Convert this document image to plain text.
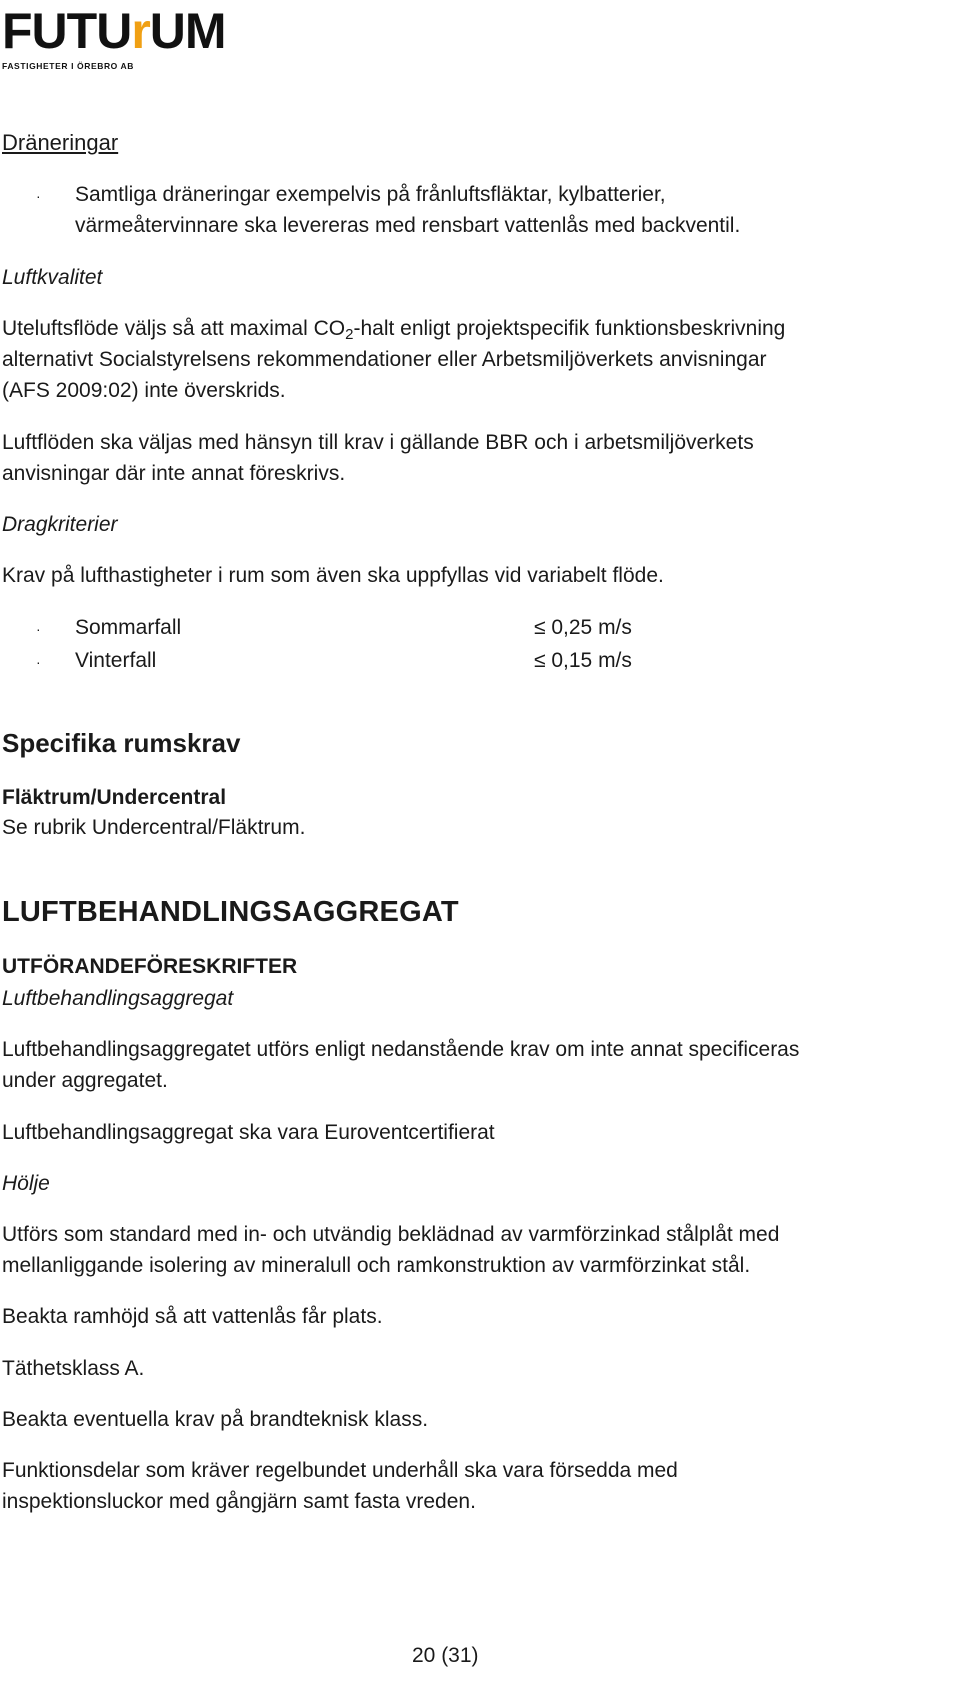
FUTU r UM
FASTIGHETER I ÖREBRO AB
Dräneringar
· Samtliga dräneringar exempelvis på frånluftsfläktar, kylbatterier,
värmeåtervinnare ska levereras med rensbart vattenlås med backventil.
Luftkvalitet
Uteluftsflöde väljs så att maximal $CO_2$-halt enligt projektspecifik funktionsbeskrivning
alternativt Socialstyrelsens rekommendationer eller Arbetsmiljöverkets anvisningar
(AFS 2009:02) inte överskrids.
Luftflöden ska väljas med hänsyn till krav i gällande BBR och i arbetsmiljöverkets
anvisningar där inte annat föreskrivs.
Dragkriterier
Krav på lufthastigheter i rum som även ska uppfyllas vid variabelt flöde.
· Sommarfall	≤ 0,25 m/s
· Vinterfall	≤ 0,15 m/s
Specifika rumskrav
Fläktrum/Undercentral
Se rubrik Undercentral/Fläktrum.
LUFTBEHANDLINGSAGGREGAT
UTFÖRANDEFÖRESKRIFTER
Luftbehandlingsaggregat
Luftbehandlingsaggregatet utförs enligt nedanstående krav om inte annat specificeras
under aggregatet.
Luftbehandlingsaggregat ska vara Euroventcertifierat
Hölje
Utförs som standard med in- och utvändig beklädnad av varmförzinkad stålplåt med
mellanliggande isolering av mineralull och ramkonstruktion av varmförzinkat stål.
Beakta ramhöjd så att vattenlås får plats.
Täthetsklass A.
Beakta eventuella krav på brandteknisk klass.
Funktionsdelar som kräver regelbundet underhåll ska vara försedda med
inspektionsluckor med gångjärn samt fasta vreden.
20 (31)
